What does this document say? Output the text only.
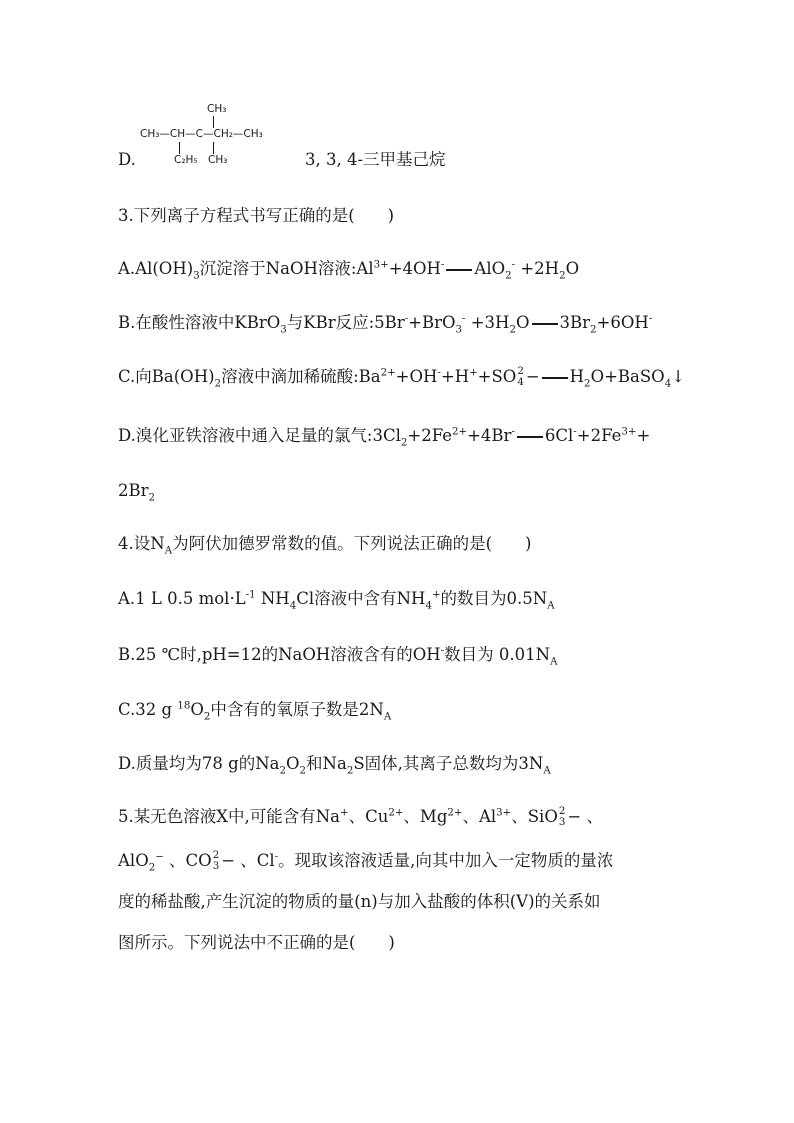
CH₃
CH₃—CH—C—CH₂—CH₃
C₂H₅ CH₃
D.	3, 3, 4-三甲基己烷
3.下列离子方程式书写正确的是(　　)
$A.Al(OH)_3$沉淀溶于NaOH溶液$:Al^{3+}+4OH^-$ $AlO_2^- +2H_2O$
B.在酸性溶液中KBrO$_3$与KBr反应:5Br-+BrO$_3$- $+3H_2O$ $3Br_2+6OH^-$
C.向$Ba(OH)_2$溶液中滴加稀硫酸$:Ba^{2+}+OH^-+H^++SO$ 2
$4 - H_2O+BaSO_4↓$
D.溴化亚铁溶液中通入足量的氯气$:3Cl_2+2Fe^{2+}+4Br^-$ $6Cl^-+2Fe^{3+}+$
$2Br_2$
4.设$N_A$为阿伏加德罗常数的值。下列说法正确的是(　　)
A.1 L 0.5 $mol\cdot L^{-1}$ $NH_4Cl$溶液中含有$NH_4^+$的数目为$0.5N_A$
B.25 ℃时,pH=12的NaOH溶液含有的OH-数目为 $0.01N_A$
C.32 g $^{18}O_2$中含有的氧原子数是$2N_A$
D.质量均为78 g的$Na_2O_2$和$Na_2S$固体,其离子总数均为$3N_A$
5.某无色溶液X中,可能含有Na+、$Cu^{2+}$、$Mg^{2+}$、$Al^{3+}$、SiO 2
3 − 、
AlO$_2$− 、CO 2
3 − 、Cl-。现取该溶液适量,向其中加入一定物质的量浓
度的稀盐酸,产生沉淀的物质的量(n)与加入盐酸的体积(V)的关系如
图所示。下列说法中不正确的是(　　)
